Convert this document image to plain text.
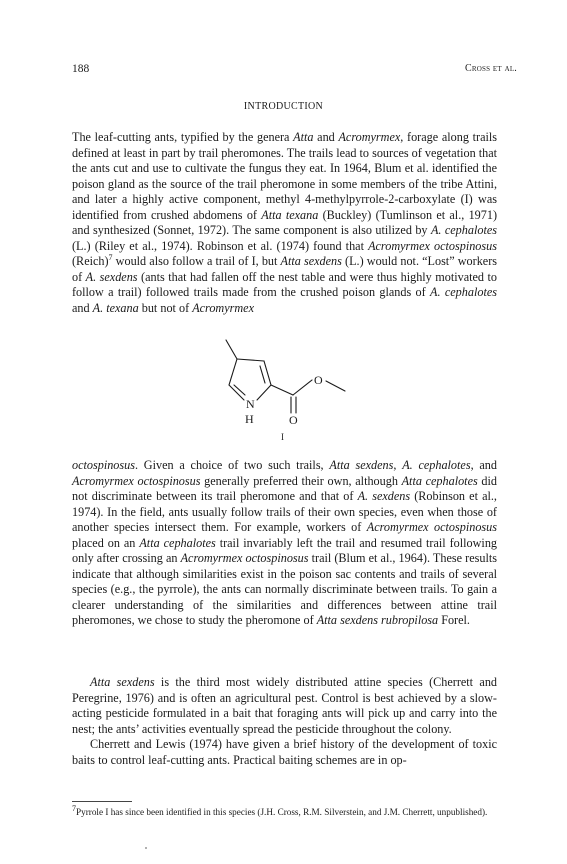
188	Cross et al.
INTRODUCTION

The leaf-cutting ants, typified by the genera Atta and Acromyrmex, forage along trails defined at least in part by trail pheromones. The trails lead to sources of vegetation that the ants cut and use to cultivate the fungus they eat. In 1964, Blum et al. identified the poison gland as the source of the trail pheromone in some members of the tribe Attini, and later a highly active component, methyl 4-methylpyrrole-2-carboxylate (I) was identified from crushed abdomens of Atta texana (Buckley) (Tumlinson et al., 1971) and synthesized (Sonnet, 1972). The same component is also utilized by A. cephalotes (L.) (Riley et al., 1974). Robinson et al. (1974) found that Acromyrmex octospinosus (Reich)$^7$ would also follow a trail of I, but Atta sexdens (L.) would not. “Lost” workers of A. sexdens (ants that had fallen off the nest table and were thus highly motivated to follow a trail) followed trails made from the crushed poison glands of A. cephalotes and A. texana but not of Acromyrmex

N
H
O
O
I

octospinosus. Given a choice of two such trails, Atta sexdens, A. cephalotes, and Acromyrmex octospinosus generally preferred their own, although Atta cephalotes did not discriminate between its trail pheromone and that of A. sexdens (Robinson et al., 1974). In the field, ants usually follow trails of their own species, even when those of another species intersect them. For example, workers of Acromyrmex octospinosus placed on an Atta cephalotes trail invariably left the trail and resumed trail following only after crossing an Acromyrmex octospinosus trail (Blum et al., 1964). These results indicate that although similarities exist in the poison sac contents and trails of several species (e.g., the pyrrole), the ants can normally discriminate between trails. To gain a clearer understanding of the similarities and differences between attine trail pheromones, we chose to study the pheromone of Atta sexdens rubropilosa Forel.

Atta sexdens is the third most widely distributed attine species (Cherrett and Peregrine, 1976) and is often an agricultural pest. Control is best achieved by a slow-acting pesticide formulated in a bait that foraging ants will pick up and carry into the nest; the ants’ activities eventually spread the pesticide throughout the colony.

Cherrett and Lewis (1974) have given a brief history of the development of toxic baits to control leaf-cutting ants. Practical baiting schemes are in op-

$^7$Pyrrole I has since been identified in this species (J.H. Cross, R.M. Silverstein, and J.M. Cherrett, unpublished).
